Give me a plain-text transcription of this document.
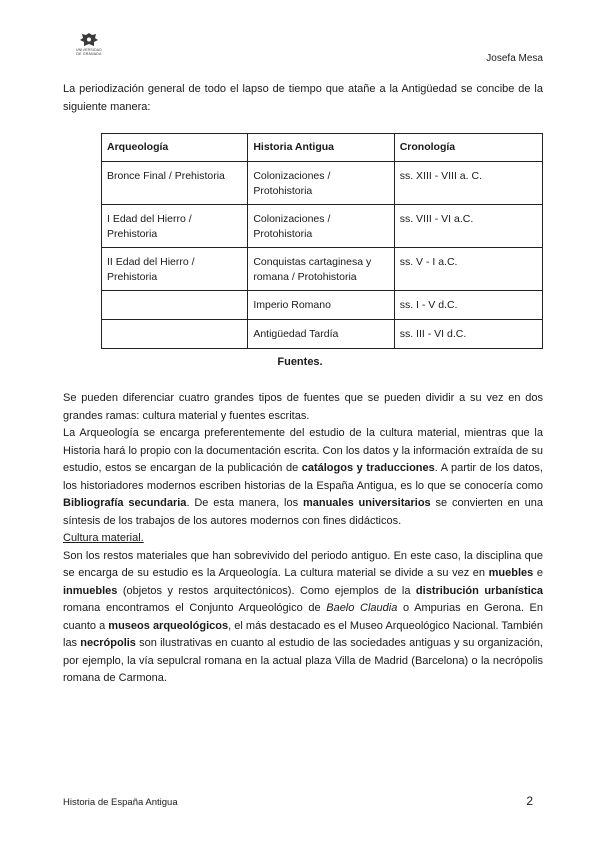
UNIVERSIDAD
DE GRANADA	Josefa Mesa
La periodización general de todo el lapso de tiempo que atañe a la Antigüedad se concibe de la siguiente manera:
Arqueología	Historia Antigua	Cronología
Bronce Final / Prehistoria	Colonizaciones / Protohistoria	ss. XIII - VIII a. C.
I Edad del Hierro / Prehistoria	Colonizaciones / Protohistoria	ss. VIII - VI a.C.
II Edad del Hierro / Prehistoria	Conquistas cartaginesa y romana / Protohistoria	ss. V - I a.C.
	Imperio Romano	ss. I - V d.C.
	Antigüedad Tardía	ss. III - VI d.C.
Fuentes.

Se pueden diferenciar cuatro grandes tipos de fuentes que se pueden dividir a su vez en dos grandes ramas: cultura material y fuentes escritas.

La Arqueología se encarga preferentemente del estudio de la cultura material, mientras que la Historia hará lo propio con la documentación escrita. Con los datos y la información extraída de su estudio, estos se encargan de la publicación de catálogos y traducciones. A partir de los datos, los historiadores modernos escriben historias de la España Antigua, es lo que se conocería como Bibliografía secundaria. De esta manera, los manuales universitarios se convierten en una síntesis de los trabajos de los autores modernos con fines didácticos.

Cultura material.

Son los restos materiales que han sobrevivido del periodo antiguo. En este caso, la disciplina que se encarga de su estudio es la Arqueología. La cultura material se divide a su vez en muebles e inmuebles (objetos y restos arquitectónicos). Como ejemplos de la distribución urbanística romana encontramos el Conjunto Arqueológico de Baelo Claudia o Ampurias en Gerona. En cuanto a museos arqueológicos, el más destacado es el Museo Arqueológico Nacional. También las necrópolis son ilustrativas en cuanto al estudio de las sociedades antiguas y su organización, por ejemplo, la vía sepulcral romana en la actual plaza Villa de Madrid (Barcelona) o la necrópolis romana de Carmona.

Historia de España Antigua	2
